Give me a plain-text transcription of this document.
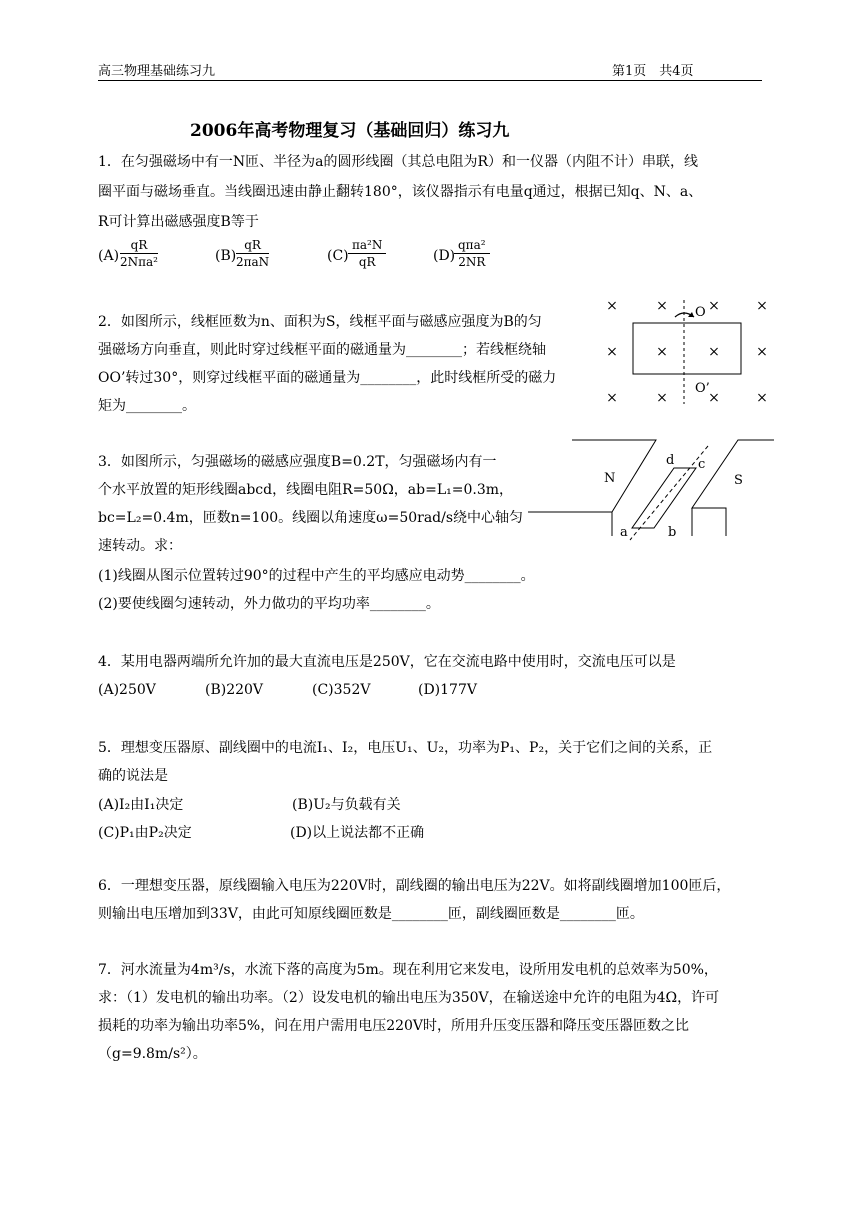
高三物理基础练习九	第1页　共4页
2006年高考物理复习（基础回归）练习九
1．在匀强磁场中有一N匝、半径为a的圆形线圈（其总电阻为R）和一仪器（内阻不计）串联，线
圈平面与磁场垂直。当线圈迅速由静止翻转180°，该仪器指示有电量q通过，根据已知q、N、a、
R可计算出磁感强度B等于
(A)
qR
2Nπa²	(B)
qR
2πaN	$(C) \frac{\text{πa²N}}{qR}$	(D)
qπa²
2NR
2．如图所示，线框匝数为n、面积为S，线框平面与磁感应强度为B的匀
强磁场方向垂直，则此时穿过线框平面的磁通量为________；若线框绕轴
OO’转过30°，则穿过线框平面的磁通量为________，此时线框所受的磁力
矩为________。
O
O’
×	×	×	×
×	×	×	×
×	×	×	×
3．如图所示，匀强磁场的磁感应强度B=0.2T，匀强磁场内有一
个水平放置的矩形线圈abcd，线圈电阻R=50Ω，ab=L₁=0.3m，
bc=L₂=0.4m，匝数n=100。线圈以角速度ω=50rad/s绕中心轴匀
速转动。求：
(1)线圈从图示位置转过90°的过程中产生的平均感应电动势________。
(2)要使线圈匀速转动，外力做功的平均功率________。
N	S
a	b
c
d
4．某用电器两端所允许加的最大直流电压是250V，它在交流电路中使用时，交流电压可以是
(A)250V	(B)220V	(C)352V	(D)177V
5．理想变压器原、副线圈中的电流I₁、I₂，电压U₁、U₂，功率为P₁、P₂，关于它们之间的关系，正
确的说法是
(A)I₂由I₁决定	(B)U₂与负载有关
(C)P₁由P₂决定	(D)以上说法都不正确
6．一理想变压器，原线圈输入电压为220V时，副线圈的输出电压为22V。如将副线圈增加100匝后，
则输出电压增加到33V，由此可知原线圈匝数是________匝，副线圈匝数是________匝。
7．河水流量为4m³/s，水流下落的高度为5m。现在利用它来发电，设所用发电机的总效率为50%，
求：（1）发电机的输出功率。（2）设发电机的输出电压为350V，在输送途中允许的电阻为4Ω，许可
损耗的功率为输出功率5%，问在用户需用电压220V时，所用升压变压器和降压变压器匝数之比
（g=9.8m/s²）。
